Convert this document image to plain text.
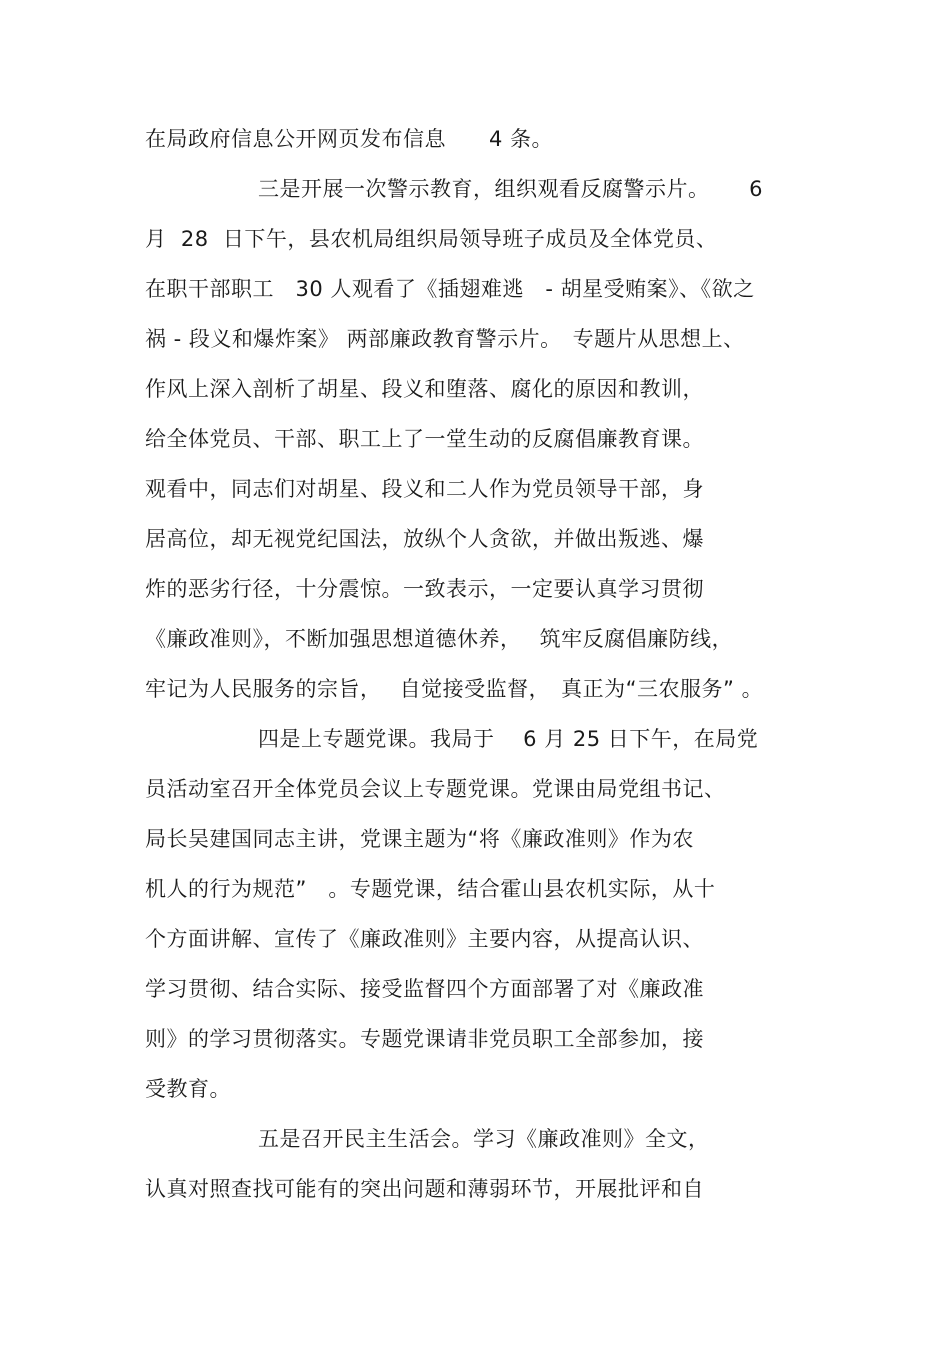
在局政府信息公开网页发布信息　　4 条。

三是开展一次警示教育，组织观看反腐警示片。　　 6

月  28  日下午，县农机局组织局领导班子成员及全体党员、

在职干部职工　30 人观看了《插翅难逃　- 胡星受贿案》、《欲之

祸 - 段义和爆炸案》 两部廉政教育警示片。　专题片从思想上、

作风上深入剖析了胡星、段义和堕落、腐化的原因和教训，

给全体党员、干部、职工上了一堂生动的反腐倡廉教育课。

观看中，同志们对胡星、段义和二人作为党员领导干部，身

居高位，却无视党纪国法，放纵个人贪欲，并做出叛逃、爆

炸的恶劣行径，十分震惊。一致表示，一定要认真学习贯彻

《廉政准则》，不断加强思想道德休养，　 筑牢反腐倡廉防线，

牢记为人民服务的宗旨，　 自觉接受监督，　真正为“三农服务” 。

四是上专题党课。我局于　 6 月 25 日下午，在局党

员活动室召开全体党员会议上专题党课。党课由局党组书记、

局长吴建国同志主讲，党课主题为“将《廉政准则》作为农

机人的行为规范”　。专题党课，结合霍山县农机实际，从十

个方面讲解、宣传了《廉政准则》主要内容，从提高认识、

学习贯彻、结合实际、接受监督四个方面部署了对《廉政准

则》的学习贯彻落实。专题党课请非党员职工全部参加，接

受教育。

五是召开民主生活会。学习《廉政准则》全文，

认真对照查找可能有的突出问题和薄弱环节，开展批评和自
